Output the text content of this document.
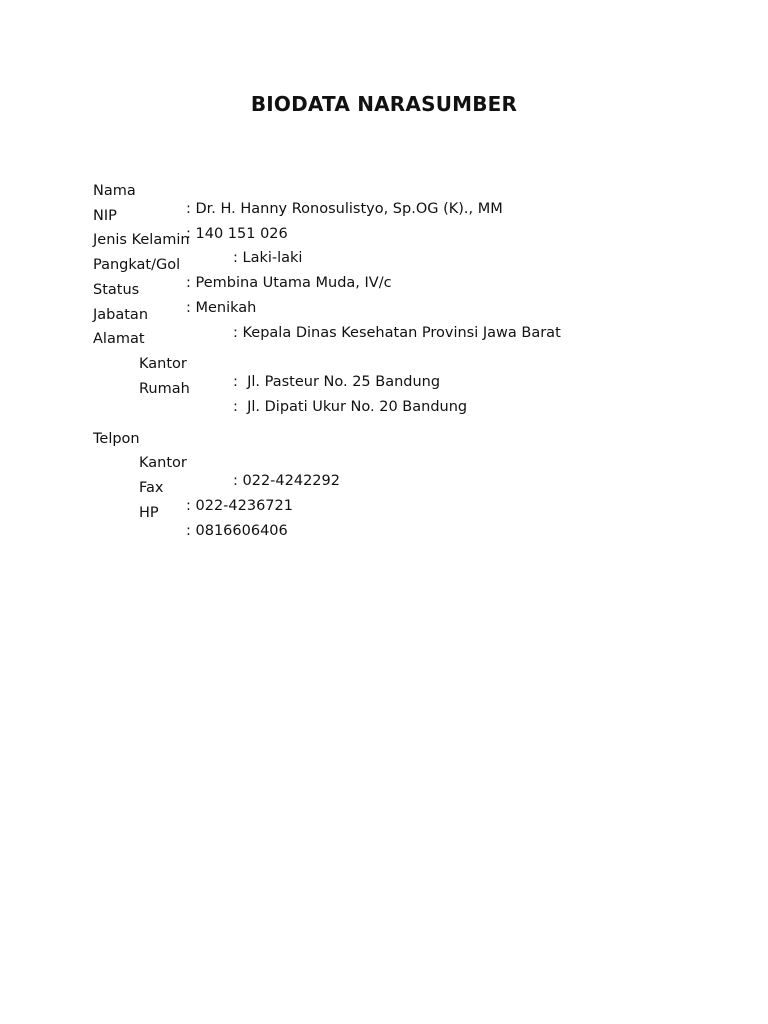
BIODATA NARASUMBER

Nama

: Dr. H. Hanny Ronosulistyo, Sp.OG (K)., MM

NIP

: 140 151 026

Jenis Kelamin

: Laki-laki

Pangkat/Gol

: Pembina Utama Muda, IV/c

Status

: Menikah

Jabatan

: Kepala Dinas Kesehatan Provinsi Jawa Barat

Alamat

Kantor

:  Jl. Pasteur No. 25 Bandung

Rumah

:  Jl. Dipati Ukur No. 20 Bandung

Telpon

Kantor

: 022-4242292

Fax

: 022-4236721

HP

: 0816606406
